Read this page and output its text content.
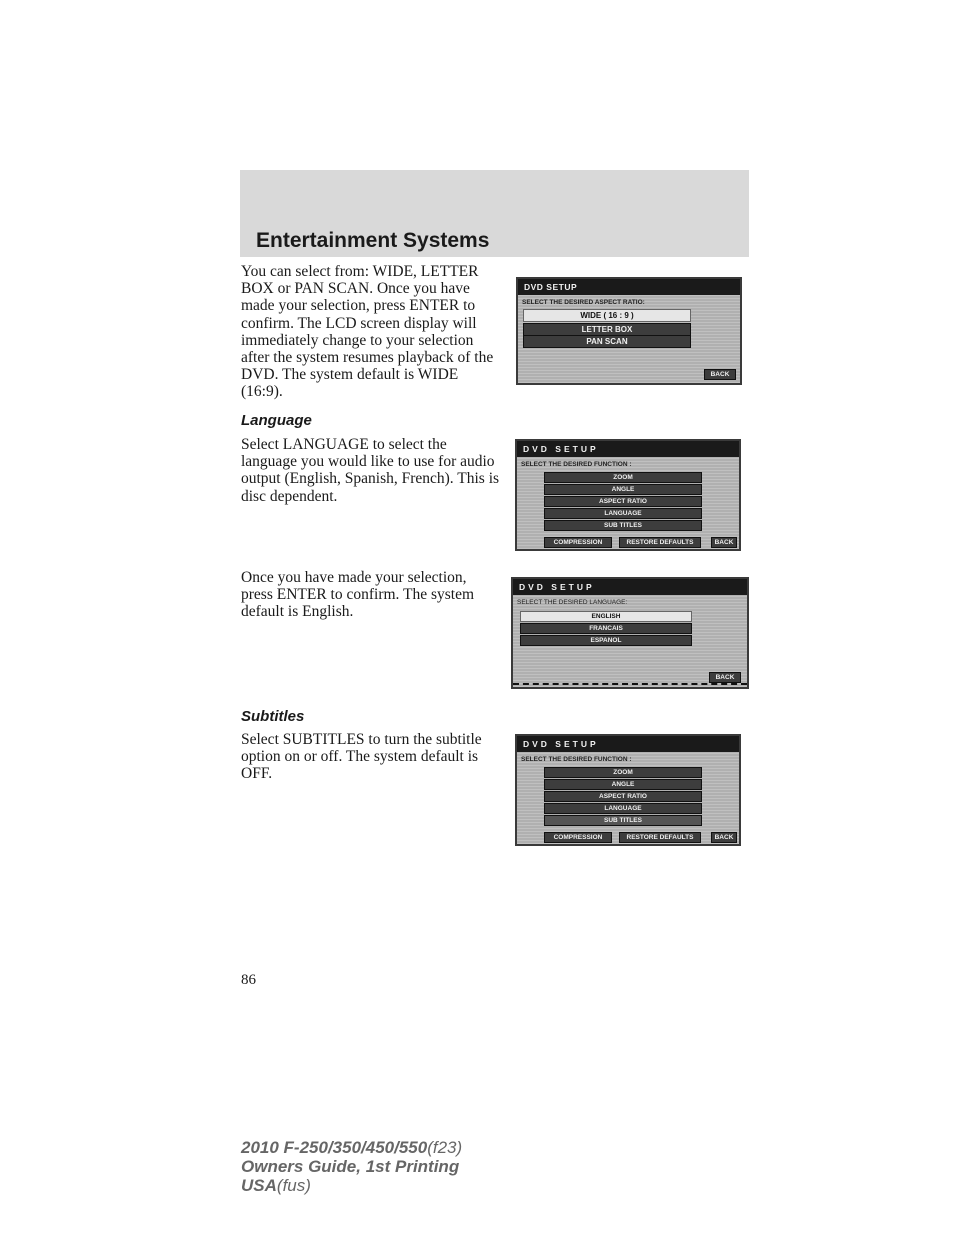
Entertainment Systems

You can select from: WIDE, LETTER BOX or PAN SCAN. Once you have made your selection, press ENTER to confirm. The LCD screen display will immediately change to your selection after the system resumes playback of the DVD. The system default is WIDE (16:9).

DVD SETUP
SELECT THE DESIRED ASPECT RATIO:
WIDE ( 16 : 9 )
LETTER BOX
PAN SCAN
BACK
Language

Select LANGUAGE to select the language you would like to use for audio output (English, Spanish, French). This is disc dependent.

DVD SETUP
SELECT THE DESIRED FUNCTION :
ZOOM
ANGLE
ASPECT RATIO
LANGUAGE
SUB TITLES
COMPRESSION	RESTORE DEFAULTS	BACK

Once you have made your selection, press ENTER to confirm. The system default is English.

DVD SETUP
SELECT THE DESIRED LANGUAGE:
ENGLISH
FRANCAIS
ESPANOL
BACK
Subtitles

Select SUBTITLES to turn the subtitle option on or off. The system default is OFF.

DVD SETUP
SELECT THE DESIRED FUNCTION :
ZOOM
ANGLE
ASPECT RATIO
LANGUAGE
SUB TITLES
COMPRESSION	RESTORE DEFAULTS	BACK

86

2010 F-250/350/450/550(f23)
Owners Guide, 1st Printing
USA(fus)
